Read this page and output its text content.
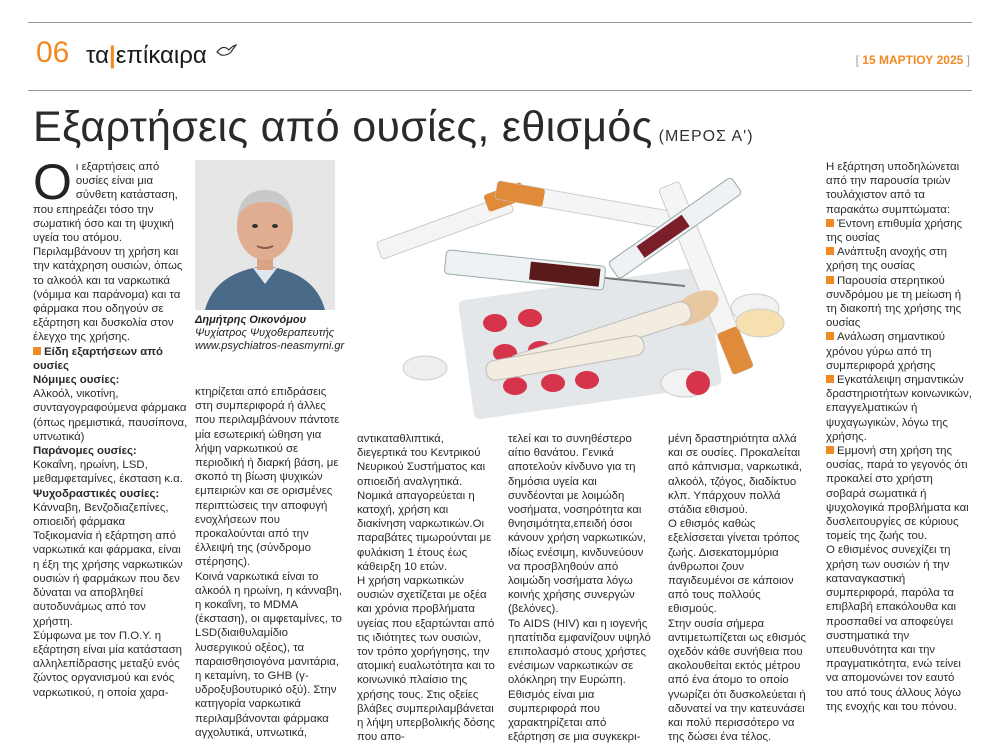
06 τα|επίκαιρα	[ 15 ΜΑΡΤΙΟΥ 2025 ]
Εξαρτήσεις από ουσίες, εθισμός (ΜΕΡΟΣ Α')

Οι εξαρτήσεις από ουσίες είναι μια σύνθετη κατάσταση, που επηρεάζει τόσο την σωματική όσο και τη ψυχική υγεία του ατόμου. Περιλαμβάνουν τη χρήση και την κατάχρηση ουσιών, όπως το αλκοόλ και τα ναρκωτικά (νόμιμα και παράνομα) και τα φάρμακα που οδηγούν σε εξάρτηση και δυσκολία στον έλεγχο της χρήσης.

Είδη εξαρτήσεων από ουσίες

Νόμιμες ουσίες:

Αλκοόλ, νικοτίνη, συνταγογραφούμενα φάρμακα (όπως ηρεμιστικά, παυσίπονα, υπνωτικά)

Παράνομες ουσίες:

Κοκαΐνη, ηρωίνη, LSD, μεθαμφεταμίνες, έκσταση κ.α.

Ψυχοδραστικές ουσίες:

Κάνναβη, Βενζοδιαζεπίνες, οπιοειδή φάρμακα

Τοξικομανία ή εξάρτηση από ναρκωτικά και φάρμακα, είναι η έξη της χρήσης ναρκωτικών ουσιών ή φαρμάκων που δεν δύναται να αποβληθεί αυτοδυνάμως από τον χρήστη.

Σύμφωνα με τον Π.Ο.Υ. η εξάρτηση είναι μία κατάσταση αλληλεπίδρασης μεταξύ ενός ζώντος οργανισμού και ενός ναρκωτικού, η οποία χαρα-

Δημήτρης Οικονόμου
Ψυχίατρος Ψυχοθεραπευτής
www.psychiatros-neasmyrni.gr

κτηρίζεται από επιδράσεις στη συμπεριφορά ή άλλες που περιλαμβάνουν πάντοτε μία εσωτερική ώθηση για λήψη ναρκωτικού σε περιοδική ή διαρκή βάση, με σκοπό τη βίωση ψυχικών εμπειριών και σε ορισμένες περιπτώσεις την αποφυγή ενοχλήσεων που προκαλούνται από την έλλειψή της (σύνδρομο στέρησης).
Κοινά ναρκωτικά είναι το αλκοόλ η ηρωίνη, η κάνναβη, η κοκαΐνη, το MDMA (έκσταση), οι αμφεταμίνες, το LSD(διαιθυλαμίδιο λυσεργικού οξέος), τα παραισθησιογόνα μανιτάρια, η κεταμίνη, το GHB (γ-υδροξυβουτυρικό οξύ). Στην κατηγορία ναρκωτικά περιλαμβάνονται φάρμακα αγχολυτικά, υπνωτικά,

αντικαταθλιπτικά, διεγερτικά του Κεντρικού Νευρικού Συστήματος και οπιοειδή αναλγητικά.
Νομικά απαγορεύεται η κατοχή, χρήση και διακίνηση ναρκωτικών.Οι παραβάτες τιμωρούνται με φυλάκιση 1 έτους έως κάθειρξη 10 ετών.
Η χρήση ναρκωτικών ουσιών σχετίζεται με οξέα και χρόνια προβλήματα υγείας που εξαρτώνται από τις ιδιότητες των ουσιών, τον τρόπο χορήγησης, την ατομική ευαλωτότητα και το κοινωνικό πλαίσιο της χρήσης τους. Στις οξείες βλάβες συμπεριλαμβάνεται η λήψη υπερβολικής δόσης που απο-

τελεί και το συνηθέστερο αίτιο θανάτου. Γενικά αποτελούν κίνδυνο για τη δημόσια υγεία και συνδέονται με λοιμώδη νοσήματα, νοσηρότητα και θνησιμότητα,επειδή όσοι κάνουν χρήση ναρκωτικών, ιδίως ενέσιμη, κινδυνεύουν να προσβληθούν από λοιμώδη νοσήματα λόγω κοινής χρήσης συνεργών (βελόνες).
Το AIDS (HIV) και η ιογενής ηπατίτιδα εμφανίζουν υψηλό επιπολασμό στους χρήστες ενέσιμων ναρκωτικών σε ολόκληρη την Ευρώπη.
Εθισμός είναι μια συμπεριφορά που χαρακτηρίζεται από εξάρτηση σε μια συγκεκρι-

μένη δραστηριότητα αλλά και σε ουσίες. Προκαλείται από κάπνισμα, ναρκωτικά, αλκοόλ, τζόγος, διαδίκτυο κλπ. Υπάρχουν πολλά στάδια εθισμού.
Ο εθισμός καθώς εξελίσσεται γίνεται τρόπος ζωής. Δισεκατομμύρια άνθρωποι ζουν παγιδευμένοι σε κάποιον από τους πολλούς εθισμούς.
Στην ουσία σήμερα αντιμετωπίζεται ως εθισμός οχεδόν κάθε συνήθεια που ακολουθείται εκτός μέτρου από ένα άτομο το οποίο γνωρίζει ότι δυσκολεύεται ή αδυνατεί να την κατευνάσει και πολύ περισσότερο να της δώσει ένα τέλος.

Η εξάρτηση υποδηλώνεται από την παρουσία τριών τουλάχιστον από τα παρακάτω συμπτώματα:

Έντονη επιθυμία χρήσης της ουσίας

Ανάπτυξη ανοχής στη χρήση της ουσίας

Παρουσία στερητικού συνδρόμου με τη μείωση ή τη διακοπή της χρήσης της ουσίας

Ανάλωση σημαντικού χρόνου γύρω από τη συμπεριφορά χρήσης

Εγκατάλειψη σημαντικών δραστηριοτήτων κοινωνικών, επαγγελματικών ή ψυχαγωγικών, λόγω της χρήσης.

Εμμονή στη χρήση της ουσίας, παρά το γεγονός ότι προκαλεί στο χρήστη σοβαρά σωματικά ή ψυχολογικά προβλήματα και δυσλειτουργίες σε κύριους τομείς της ζωής του.

Ο εθισμένος συνεχίζει τη χρήση των ουσιών ή την καταναγκαστική συμπεριφορά, παρόλα τα επιβλαβή επακόλουθα και προσπαθεί να αποφεύγει συστηματικά την υπευθυνότητα και την πραγματικότητα, ενώ τείνει να απομονώνει τον εαυτό του από τους άλλους λόγω της ενοχής και του πόνου.
